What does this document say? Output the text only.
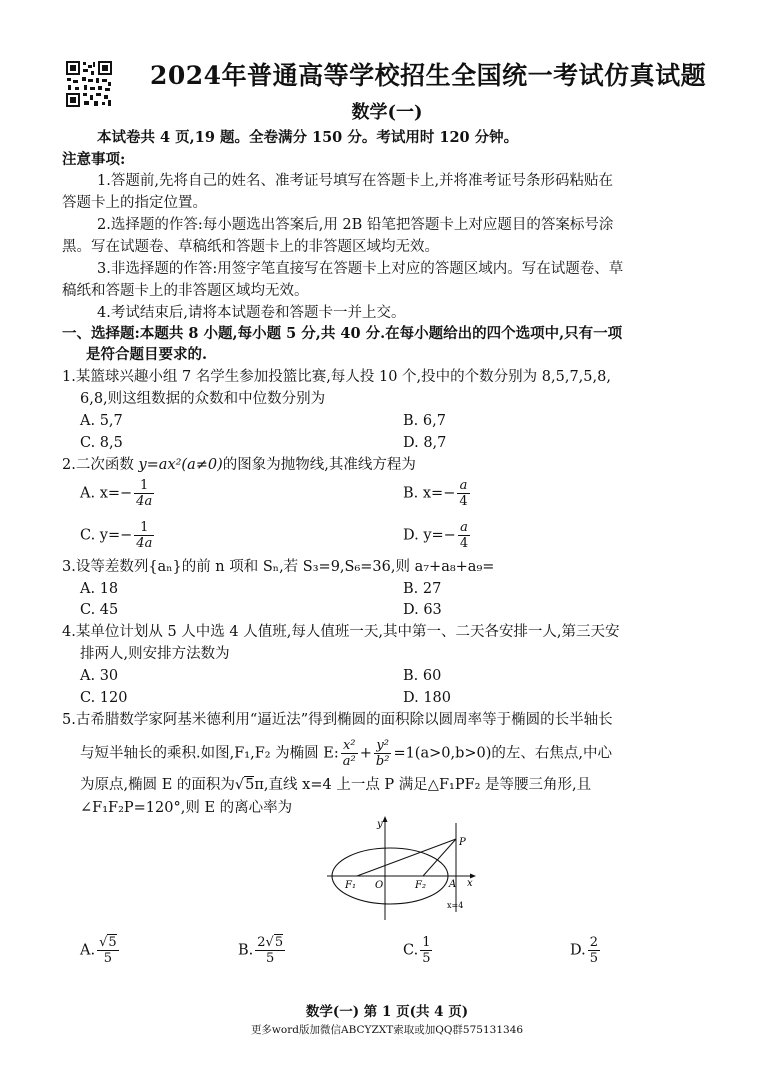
2024年普通高等学校招生全国统一考试仿真试题
数学(一)
本试卷共 4 页,19 题。全卷满分 150 分。考试用时 120 分钟。
注意事项:
1.答题前,先将自己的姓名、准考证号填写在答题卡上,并将准考证号条形码粘贴在
答题卡上的指定位置。
2.选择题的作答:每小题选出答案后,用 2B 铅笔把答题卡上对应题目的答案标号涂
黑。写在试题卷、草稿纸和答题卡上的非答题区域均无效。
3.非选择题的作答:用签字笔直接写在答题卡上对应的答题区域内。写在试题卷、草
稿纸和答题卡上的非答题区域均无效。
4.考试结束后,请将本试题卷和答题卡一并上交。
一、选择题:本题共 8 小题,每小题 5 分,共 40 分.在每小题给出的四个选项中,只有一项
是符合题目要求的.
1.某篮球兴趣小组 7 名学生参加投篮比赛,每人投 10 个,投中的个数分别为 8,5,7,5,8,
6,8,则这组数据的众数和中位数分别为
A. 5,7	B. 6,7
C. 8,5	D. 8,7
2.二次函数 y=ax²(a≠0)的图象为抛物线,其准线方程为
A. $x=- \frac{1}{4a}$	B. $x=- \frac{a}{4}$
C. $y=- \frac{1}{4a}$	D. $y=- \frac{a}{4}$
3.设等差数列{aₙ}的前 n 项和 Sₙ,若 S₃=9,S₆=36,则 a₇+a₈+a₉=
A. 18	B. 27
C. 45	D. 63
4.某单位计划从 5 人中选 4 人值班,每人值班一天,其中第一、二天各安排一人,第三天安
排两人,则安排方法数为
A. 30	B. 60
C. 120	D. 180
5.古希腊数学家阿基米德利用“逼近法”得到椭圆的面积除以圆周率等于椭圆的长半轴长
与短半轴长的乘积.如图,F₁,F₂ 为椭圆 E: $\frac{\text{x²}}{\text{a²}} + \frac{\text{y²}}{\text{b²}} =1(a>0,b>0)$的左、右焦点,中心
为原点,椭圆 E 的面积为√5π,直线 x=4 上一点 P 满足△F₁PF₂ 是等腰三角形,且
∠F₁F₂P=120°,则 E 的离心率为
y
P
F₁ O	F₂ A x
x=4
A. $\frac{√5}{5}$	B. $\frac{2√5}{5}$	C. $\frac{1}{5}$	D. $\frac{2}{5}$
数学(一) 第 1 页(共 4 页)
更多word版加微信ABCYZXT索取或加QQ群575131346
